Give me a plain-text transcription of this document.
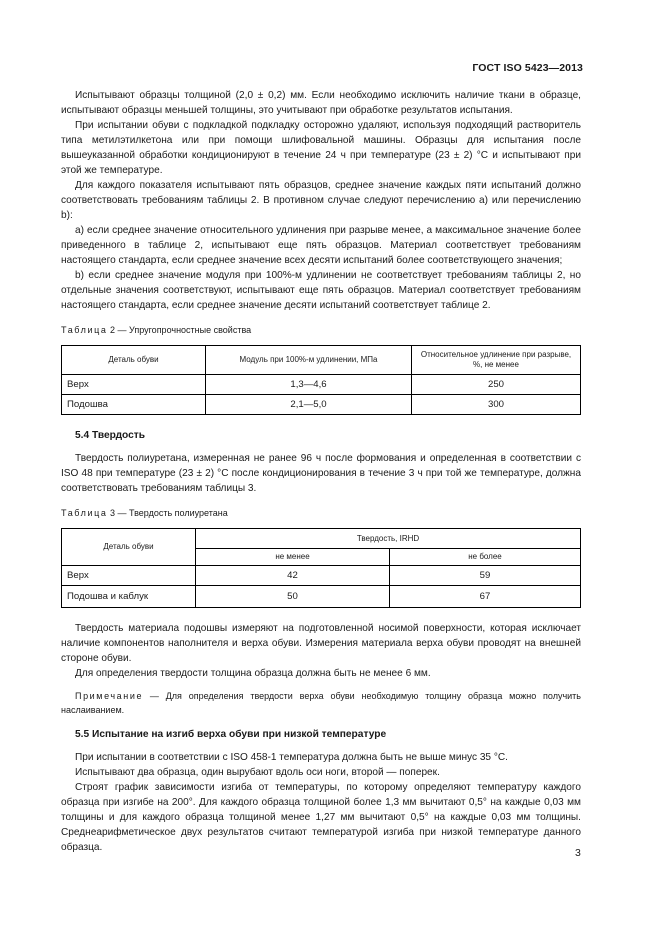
ГОСТ ISO 5423—2013

Испытывают образцы толщиной (2,0 ± 0,2) мм. Если необходимо исключить наличие ткани в образце, испытывают образцы меньшей толщины, это учитывают при обработке результатов испытания.

При испытании обуви с подкладкой подкладку осторожно удаляют, используя подходящий растворитель типа метилэтилкетона или при помощи шлифовальной машины. Образцы для испытания после вышеуказанной обработки кондиционируют в течение 24 ч при температуре (23 ± 2) °С и испытывают при этой же температуре.

Для каждого показателя испытывают пять образцов, среднее значение каждых пяти испытаний должно соответствовать требованиям таблицы 2. В противном случае следуют перечислению а) или перечислению b):

a) если среднее значение относительного удлинения при разрыве менее, а максимальное значение более приведенного в таблице 2, испытывают еще пять образцов. Материал соответствует требованиям настоящего стандарта, если среднее значение всех десяти испытаний более соответствующего значения;

b) если среднее значение модуля при 100%-м удлинении не соответствует требованиям таблицы 2, но отдельные значения соответствуют, испытывают еще пять образцов. Материал соответствует требованиям настоящего стандарта, если среднее значение десяти испытаний соответствует таблице 2.

Таблица 2 — Упругопрочностные свойства
Деталь обуви	Модуль при 100%-м удлинении, МПа	Относительное удлинение при разрыве, %, не менее
Верх	1,3—4,6	250
Подошва	2,1—5,0	300
5.4 Твердость

Твердость полиуретана, измеренная не ранее 96 ч после формования и определенная в соответствии с ISO 48 при температуре (23 ± 2) °С после кондиционирования в течение 3 ч при той же температуре, должна соответствовать требованиям таблицы 3.

Таблица 3 — Твердость полиуретана
Деталь обуви	Твердость, IRHD	
	не менее	не более
Верх	42	59
Подошва и каблук	50	67

Твердость материала подошвы измеряют на подготовленной носимой поверхности, которая исключает наличие компонентов наполнителя и верха обуви. Измерения материала верха обуви проводят на внешней стороне обуви.

Для определения твердости толщина образца должна быть не менее 6 мм.

Примечание — Для определения твердости верха обуви необходимую толщину образца можно получить наслаиванием.
5.5 Испытание на изгиб верха обуви при низкой температуре

При испытании в соответствии с ISO 458-1 температура должна быть не выше минус 35 °С.

Испытывают два образца, один вырубают вдоль оси ноги, второй — поперек.

Строят график зависимости изгиба от температуры, по которому определяют температуру каждого образца при изгибе на 200°. Для каждого образца толщиной более 1,3 мм вычитают 0,5° на каждые 0,03 мм толщины и для каждого образца толщиной менее 1,27 мм вычитают 0,5° на каждые 0,03 мм толщины. Среднеарифметическое двух результатов считают температурой изгиба при низкой температуре данного образца.	3
